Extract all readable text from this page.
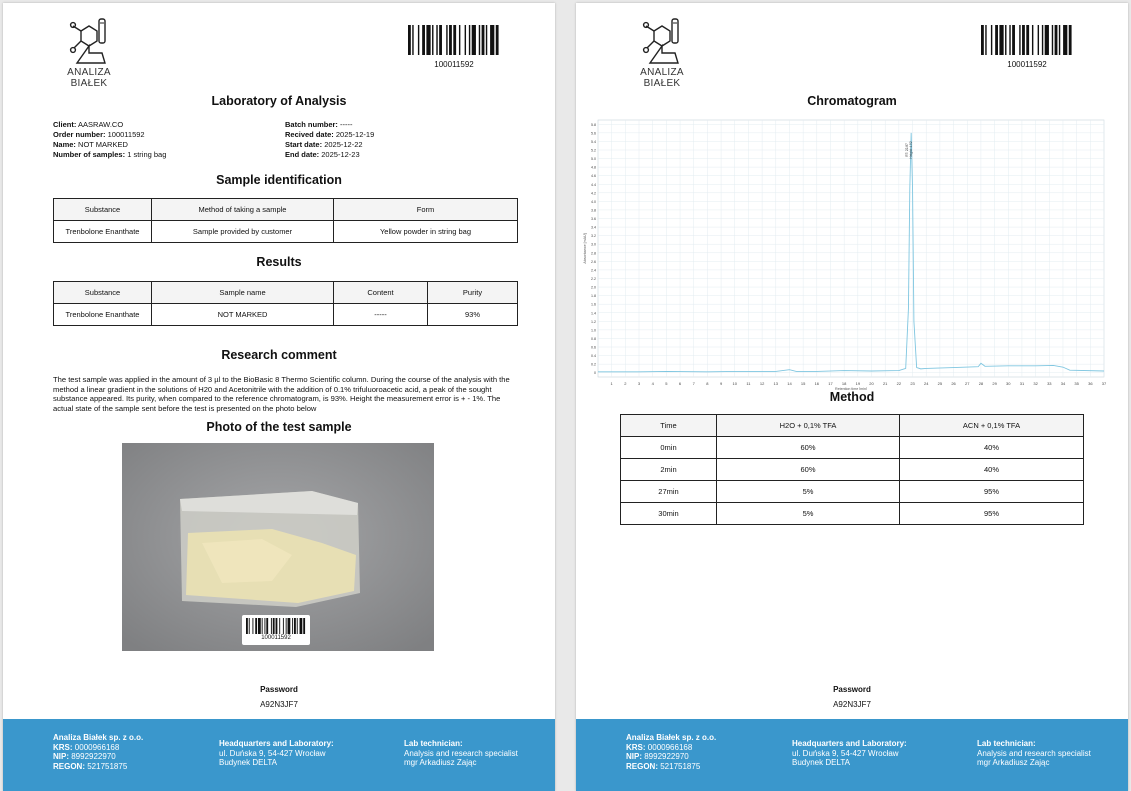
ANALIZA BIAŁEK
100011592
Laboratory of Analysis
Client: AASRAW.CO
Order number: 100011592
Name: NOT MARKED
Number of samples: 1 string bag
Batch number: -----
Recived date: 2025-12-19
Start date: 2025-12-22
End date: 2025-12-23
Sample identification
Substance	Method of taking a sample	Form
Trenbolone Enanthate	Sample provided by customer	Yellow powder in string bag
Results
Substance	Sample name	Content	Purity
Trenbolone Enanthate	NOT MARKED	-----	93%
Research comment
The test sample was applied in the amount of 3 µl to the BioBasic 8 Thermo Scientific column. During the course of the analysis with the method a linear gradient in the solutions of H20 and Acetonitrile with the addition of 0.1% trifuluoroacetic acid, a peak of the sought substance appeared. Its purity, when compared to the reference chromatogram, is 93%. Height the measurement error is + - 1%. The actual state of the sample sent before the test is presented on the photo below
Photo of the test sample
100011592
Password
A92N3JF7
Analiza Białek sp. z o.o.
KRS: 0000966168
NIP: 8992922970
REGON: 521751875
Headquarters and Laboratory:
ul. Duńska 9, 54-427 Wrocław
Budynek DELTA
Lab technician:
Analysis and research specialist
mgr Arkadiusz Zając
ANALIZA BIAŁEK
100011592
Chromatogram
1	2	3	4	5	6	7	8	9	10 11 12 13 14 15 16 17 18 19 20 21 22 23 24 25 26 27 28 29 30 31 32 33 34 35 36 37
0
0.2
0.4
0.6
0.8
1.0
1.2
1.4
1.6
1.8
2.0
2.2
2.4
2.6
2.8
3.0
3.2
3.4
3.6
3.8
4.0
4.2
4.4
4.6
4.8
5.0
5.2
5.4
5.6
5.8
Retention time [min]
Absorbance [mAU]
RT: 22.87 Height: 4.52
Method
Time	H2O + 0,1% TFA	ACN + 0,1% TFA
0min	60%	40%
2min	60%	40%
27min	5%	95%
30min	5%	95%
Password
A92N3JF7
Analiza Białek sp. z o.o.
KRS: 0000966168
NIP: 8992922970
REGON: 521751875
Headquarters and Laboratory:
ul. Duńska 9, 54-427 Wrocław
Budynek DELTA
Lab technician:
Analysis and research specialist
mgr Arkadiusz Zając
